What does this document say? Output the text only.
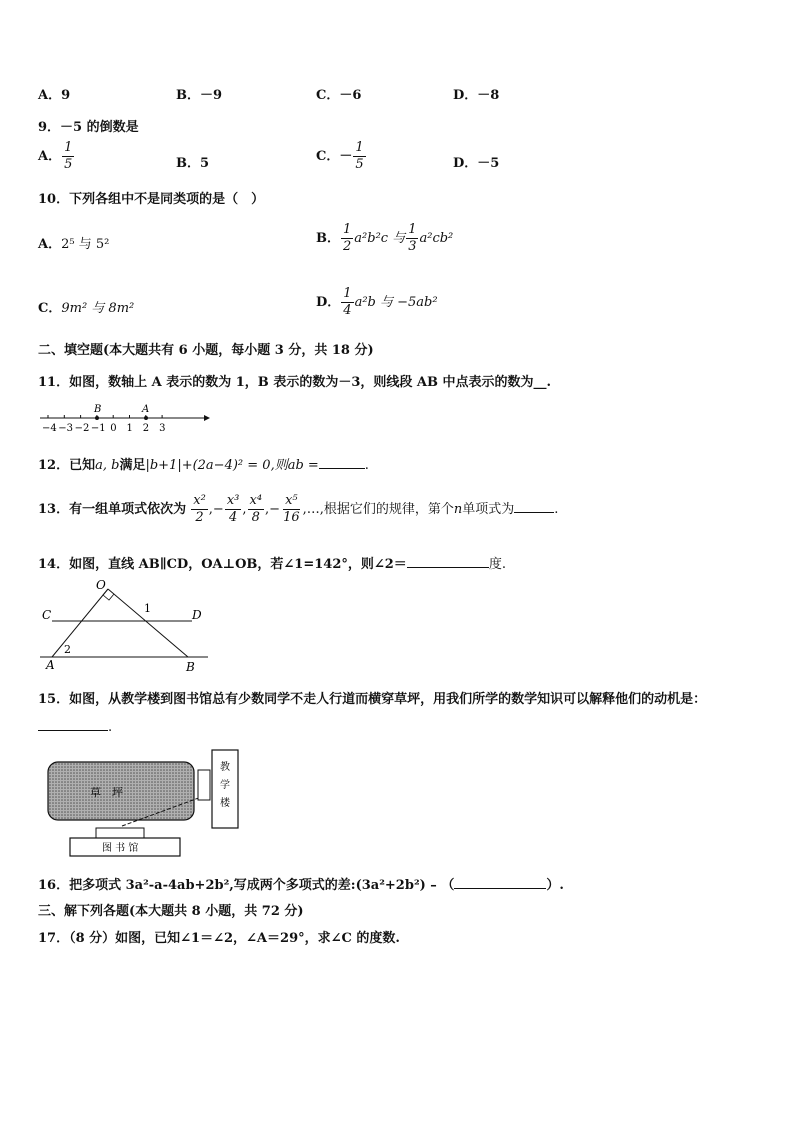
A．9	B．－9	C．－6	D．－8
9．－5 的倒数是
A． $\frac{1}{5}$	B．5	C．－ $\frac{1}{5}$	D．－5
10．下列各组中不是同类项的是（　）
A．2⁵ 与 5²	B． $\frac{1}{2} a^2b^2c$ 与 $\frac{1}{3} a^2cb^2$
C．9m² 与 8m²	D． $\frac{1}{4} a^2b$ 与 −5ab²
二、填空题(本大题共有 6 小题，每小题 3 分，共 18 分)
11．如图，数轴上 A 表示的数为 1，B 表示的数为－3，则线段 AB 中点表示的数为__.
−4 −3 −2 −1 0 1 2 3
B	A
12．已知a, b满足|b+1|+(2a−4)² = 0,则ab =	.
13．有一组单项式依次为 $\frac{\text{x²}}{2}$ ,− $\frac{\text{x³}}{4}$ , $\frac{\text{x⁴}}{8}$ ,− $\frac{\text{x⁵}}{16}$ ,…,根据它们的规律，第个n单项式为	.
14．如图，直线 AB∥CD，OA⊥OB，若∠1=142°，则∠2＝	度.
O
C	D
A	B
1
2
15．如图，从教学楼到图书馆总有少数同学不走人行道而横穿草坪，用我们所学的数学知识可以解释他们的动机是：
.
草　坪
教
学
楼
图 书 馆
16．把多项式 3a²-a-4ab+2b²,写成两个多项式的差:(3a²+2b²) – （	）.
三、解下列各题(本大题共 8 小题，共 72 分)
17．（8 分）如图，已知∠1＝∠2，∠A＝29°，求∠C 的度数.
